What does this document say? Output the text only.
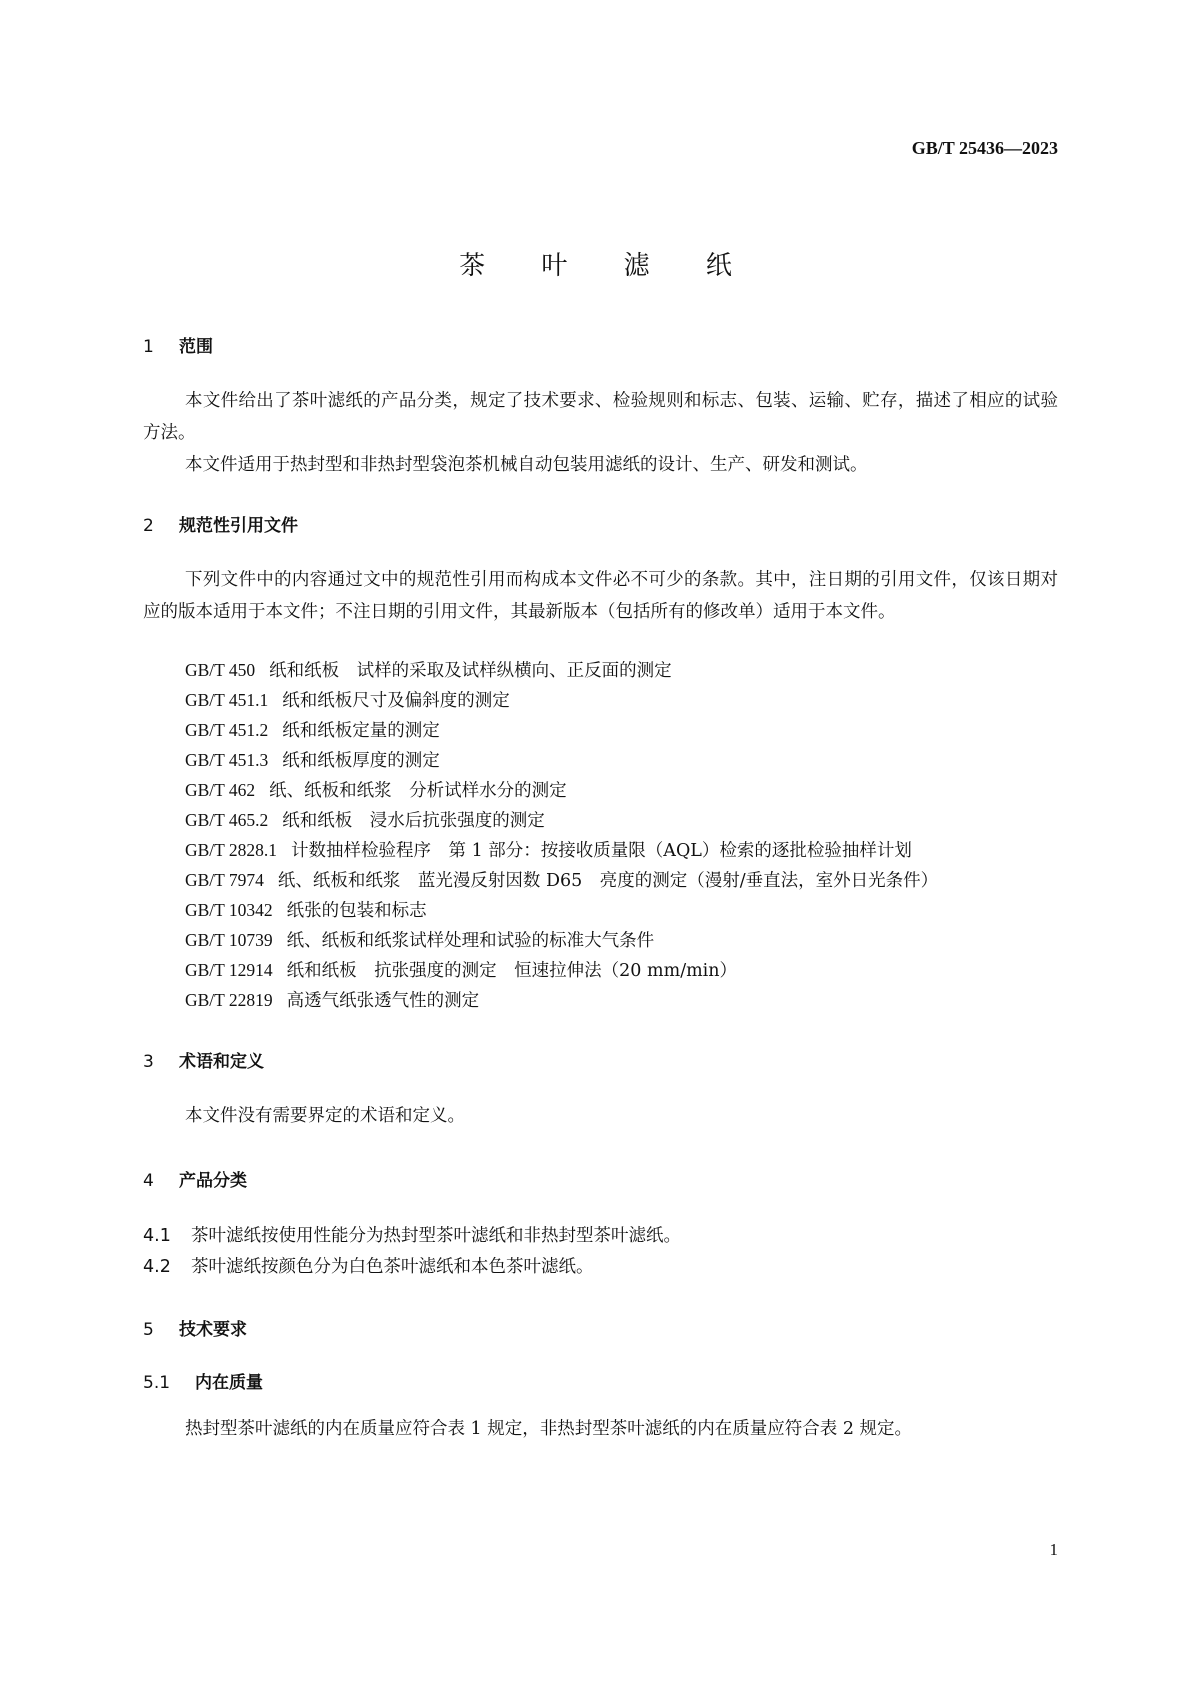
GB/T 25436—2023
茶 叶 滤 纸
1 范围
本文件给出了茶叶滤纸的产品分类，规定了技术要求、检验规则和标志、包装、运输、贮存，描述了相应的试验方法。
本文件适用于热封型和非热封型袋泡茶机械自动包装用滤纸的设计、生产、研发和测试。
2 规范性引用文件
下列文件中的内容通过文中的规范性引用而构成本文件必不可少的条款。其中，注日期的引用文件，仅该日期对应的版本适用于本文件；不注日期的引用文件，其最新版本（包括所有的修改单）适用于本文件。
GB/T 450 纸和纸板　试样的采取及试样纵横向、正反面的测定
GB/T 451.1 纸和纸板尺寸及偏斜度的测定
GB/T 451.2 纸和纸板定量的测定
GB/T 451.3 纸和纸板厚度的测定
GB/T 462 纸、纸板和纸浆　分析试样水分的测定
GB/T 465.2 纸和纸板　浸水后抗张强度的测定
GB/T 2828.1 计数抽样检验程序　第 1 部分：按接收质量限（AQL）检索的逐批检验抽样计划
GB/T 7974 纸、纸板和纸浆　蓝光漫反射因数 D65　亮度的测定（漫射/垂直法，室外日光条件）
GB/T 10342 纸张的包装和标志
GB/T 10739 纸、纸板和纸浆试样处理和试验的标准大气条件
GB/T 12914 纸和纸板　抗张强度的测定　恒速拉伸法（20 mm/min）
GB/T 22819 高透气纸张透气性的测定
3 术语和定义
本文件没有需要界定的术语和定义。
4 产品分类
4.1 茶叶滤纸按使用性能分为热封型茶叶滤纸和非热封型茶叶滤纸。
4.2 茶叶滤纸按颜色分为白色茶叶滤纸和本色茶叶滤纸。
5 技术要求
5.1 内在质量
热封型茶叶滤纸的内在质量应符合表 1 规定，非热封型茶叶滤纸的内在质量应符合表 2 规定。
1
